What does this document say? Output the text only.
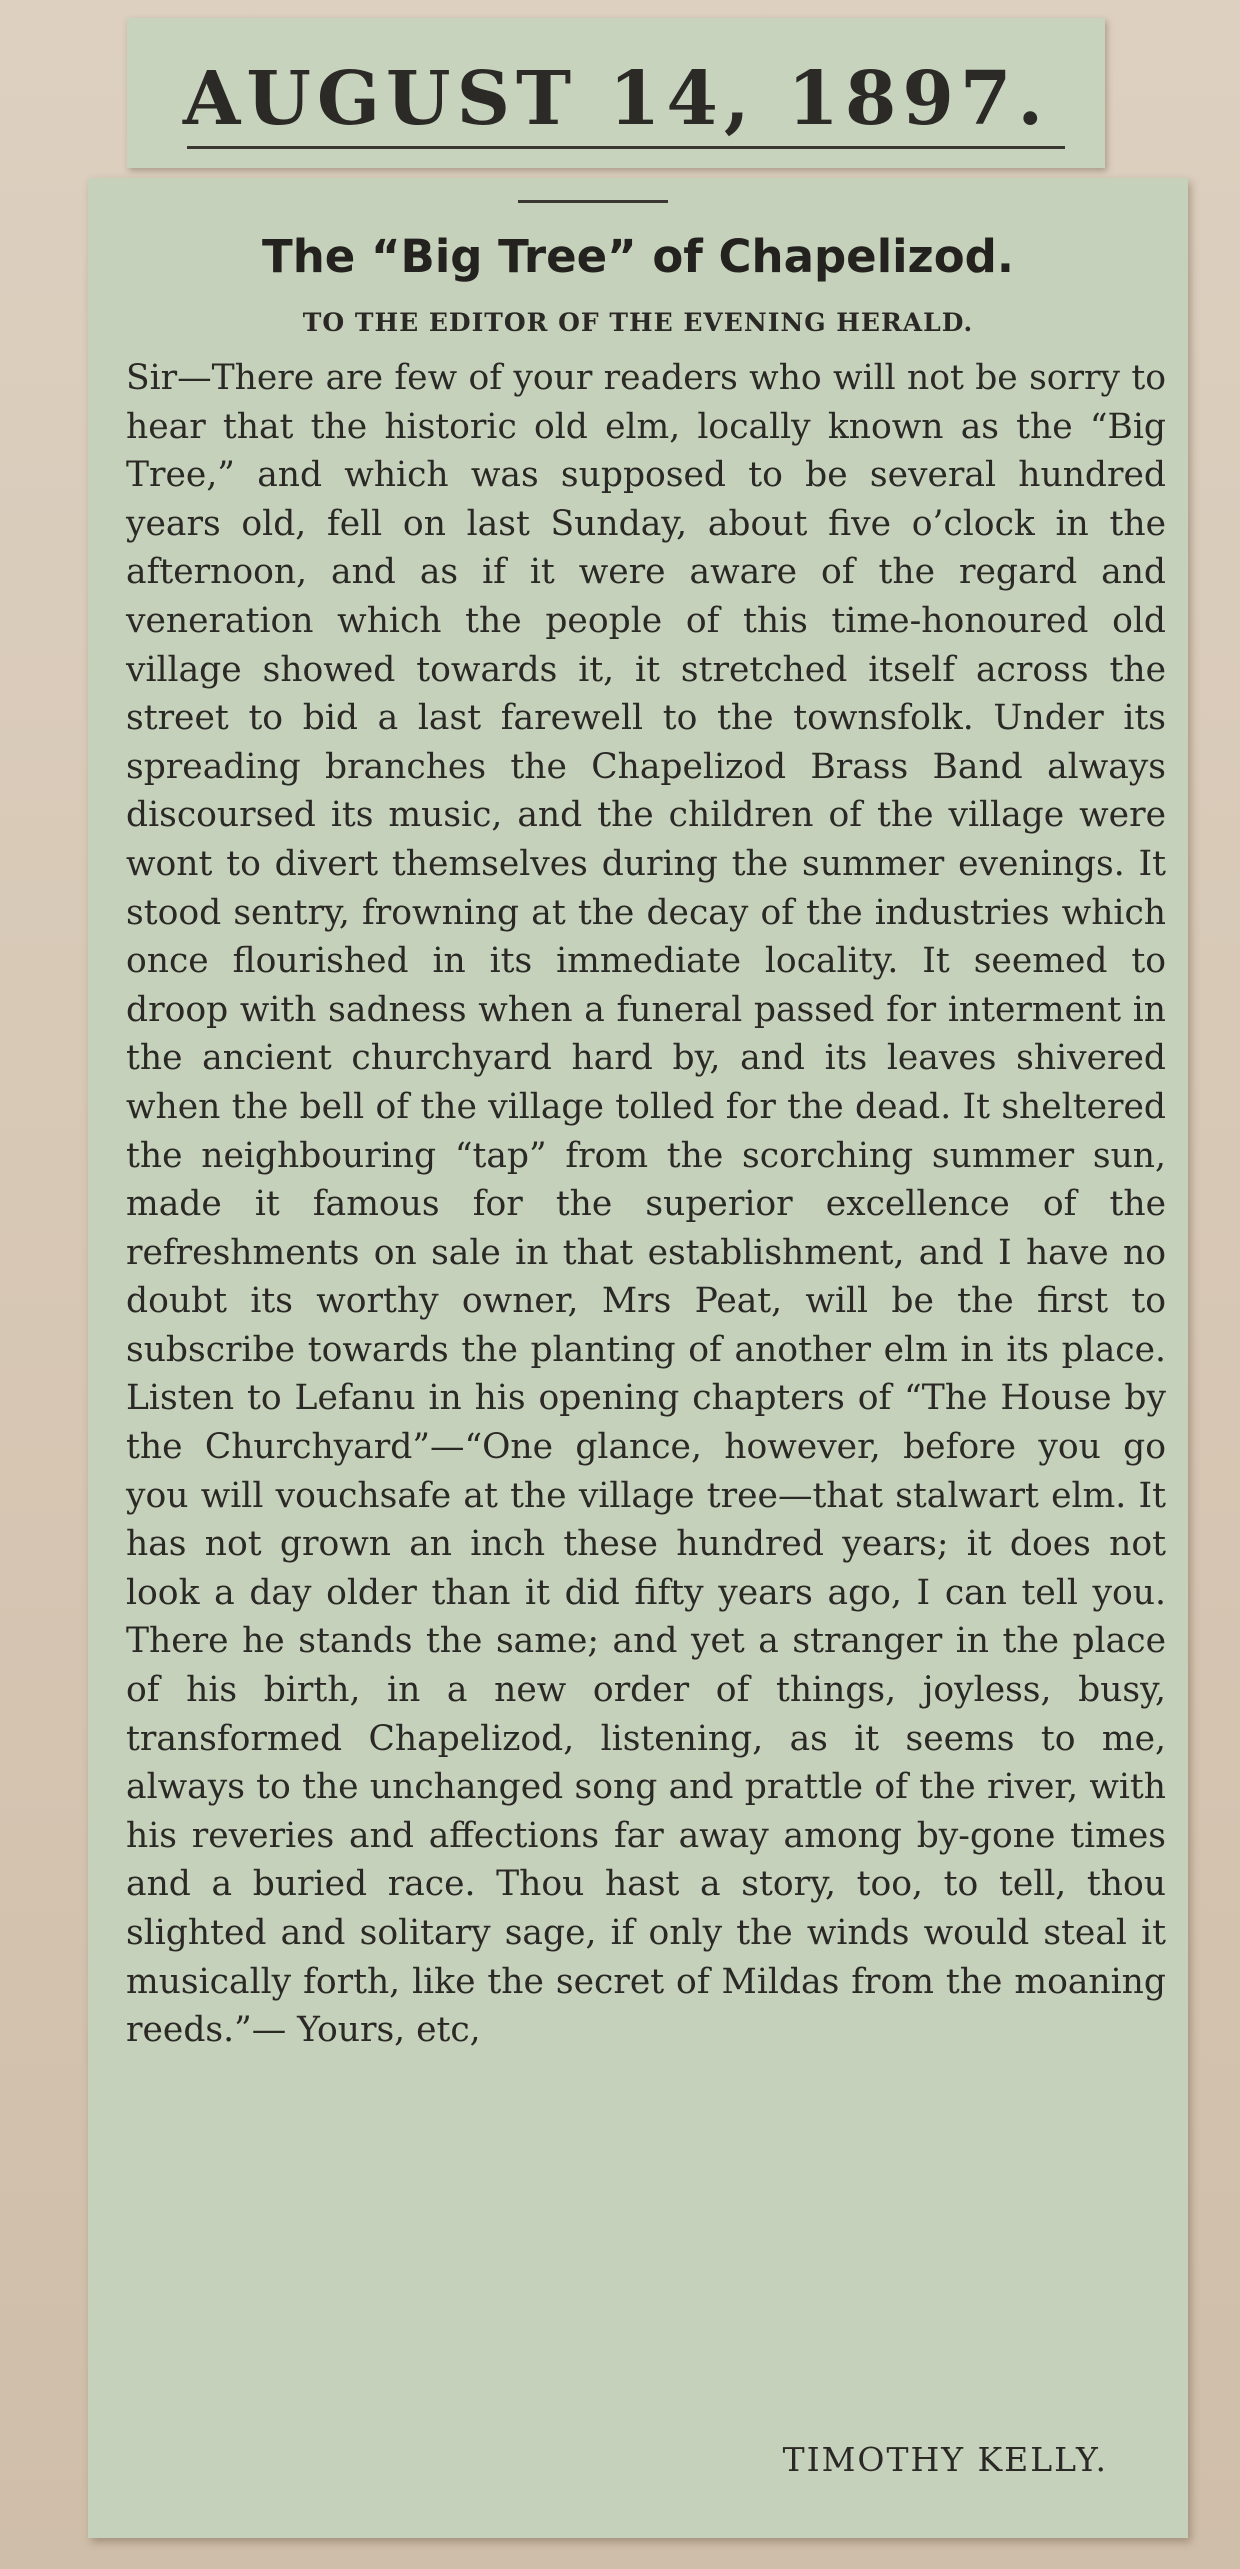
AUGUST 14, 1897.
The “Big Tree” of Chapelizod.
TO THE EDITOR OF THE EVENING HERALD.
Sir—There are few of your readers who will not be sorry to hear that the historic old elm, locally known as the “Big Tree,” and which was supposed to be several hundred years old, fell on last Sunday, about five o’clock in the afternoon, and as if it were aware of the regard and veneration which the people of this time-honoured old village showed towards it, it stretched itself across the street to bid a last farewell to the townsfolk. Under its spreading branches the Chapelizod Brass Band always discoursed its music, and the children of the village were wont to divert themselves during the summer evenings. It stood sentry, frowning at the decay of the industries which once flourished in its immediate locality. It seemed to droop with sadness when a funeral passed for interment in the ancient churchyard hard by, and its leaves shivered when the bell of the village tolled for the dead. It sheltered the neighbouring “tap” from the scorching summer sun, made it famous for the superior excellence of the refreshments on sale in that establishment, and I have no doubt its worthy owner, Mrs Peat, will be the first to subscribe towards the planting of another elm in its place. Listen to Lefanu in his opening chapters of “The House by the Churchyard”—“One glance, however, before you go you will vouchsafe at the village tree—that stalwart elm. It has not grown an inch these hundred years; it does not look a day older than it did fifty years ago, I can tell you. There he stands the same; and yet a stranger in the place of his birth, in a new order of things, joyless, busy, transformed Chapelizod, listening, as it seems to me, always to the unchanged song and prattle of the river, with his reveries and affections far away among by-gone times and a buried race. Thou hast a story, too, to tell, thou slighted and solitary sage, if only the winds would steal it musically forth, like the secret of Mildas from the moaning reeds.”— Yours, etc,
TIMOTHY KELLY.
